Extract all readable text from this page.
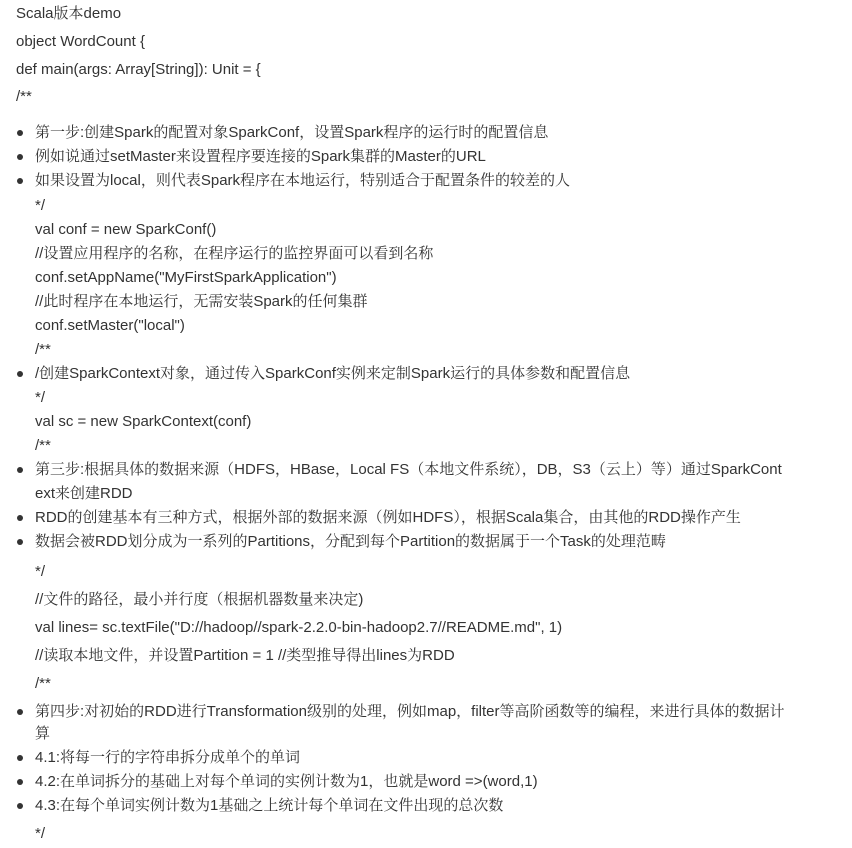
Scala版本demo
object WordCount {
def main(args: Array[String]): Unit = {
/**
第一步:创建Spark的配置对象SparkConf，设置Spark程序的运行时的配置信息
例如说通过setMaster来设置程序要连接的Spark集群的Master的URL
如果设置为local，则代表Spark程序在本地运行，特别适合于配置条件的较差的人
*/
val conf = new SparkConf()
//设置应用程序的名称，在程序运行的监控界面可以看到名称
conf.setAppName("MyFirstSparkApplication")
//此时程序在本地运行，无需安装Spark的任何集群
conf.setMaster("local")
/**
/创建SparkContext对象，通过传入SparkConf实例来定制Spark运行的具体参数和配置信息
*/
val sc = new SparkContext(conf)
/**
第三步:根据具体的数据来源（HDFS，HBase，Local FS（本地文件系统），DB，S3（云上）等）通过SparkCont
ext来创建RDD
RDD的创建基本有三种方式，根据外部的数据来源（例如HDFS），根据Scala集合，由其他的RDD操作产生
数据会被RDD划分成为一系列的Partitions，分配到每个Partition的数据属于一个Task的处理范畴
*/
//文件的路径，最小并行度（根据机器数量来决定)
val lines= sc.textFile("D://hadoop//spark-2.2.0-bin-hadoop2.7//README.md", 1)
//读取本地文件，并设置Partition = 1 //类型推导得出lines为RDD
/**
第四步:对初始的RDD进行Transformation级别的处理，例如map，filter等高阶函数等的编程，来进行具体的数据计
算
4.1:将每一行的字符串拆分成单个的单词
4.2:在单词拆分的基础上对每个单词的实例计数为1，也就是word =>(word,1)
4.3:在每个单词实例计数为1基础之上统计每个单词在文件出现的总次数
*/
